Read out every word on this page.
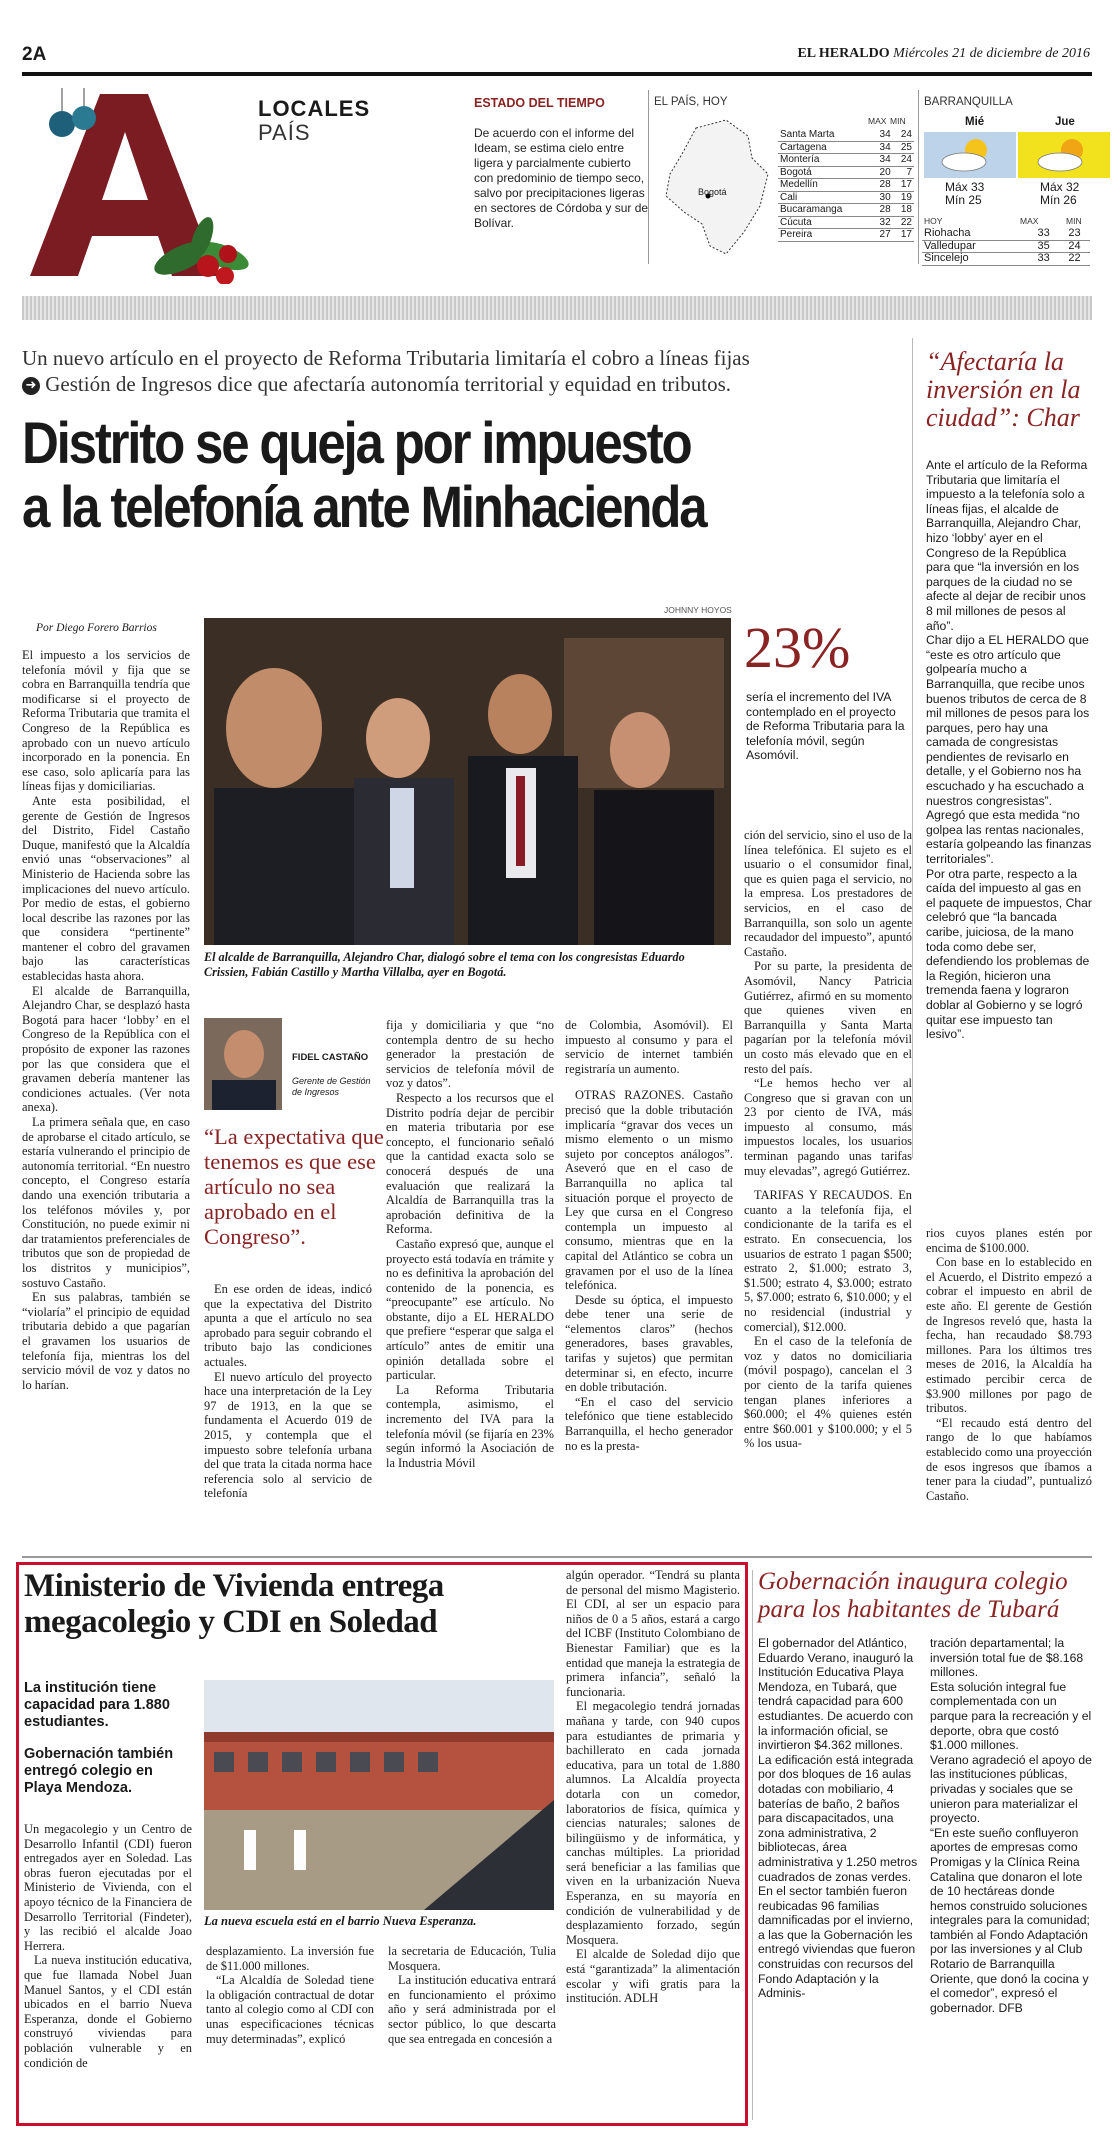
2A	EL HERALDO Miércoles 21 de diciembre de 2016
LOCALES
PAÍS
ESTADO DEL TIEMPO
De acuerdo con el informe del Ideam, se estima cielo entre ligera y parcialmente cubierto con predominio de tiempo seco, salvo por precipitaciones ligeras en sectores de Córdoba y sur de Bolívar.
EL PAÍS, HOY
Bogotá
MAX MIN
Santa Marta	34	24
Cartagena	34	25
Montería	34	24
Bogotá	20	7
Medellín	28	17
Cali	30	19
Bucaramanga	28	18
Cúcuta	32	22
Pereira	27	17
BARRANQUILLA
Mié	Jue
Máx 33
Mín 25
Máx 32
Mín 26
HOY	MAX	MIN
Riohacha	33	23
Valledupar	35	24
Sincelejo	33	22
Un nuevo artículo en el proyecto de Reforma Tributaria limitaría el cobro a líneas fijas
➜ Gestión de Ingresos dice que afectaría autonomía territorial y equidad en tributos.
Distrito se queja por impuesto
a la telefonía ante Minhacienda
“Afectaría la inversión en la ciudad”: Char

Ante el artículo de la Reforma Tributaria que limitaría el impuesto a la telefonía solo a líneas fijas, el alcalde de Barranquilla, Alejandro Char, hizo ‘lobby’ ayer en el Congreso de la República para que “la inversión en los parques de la ciudad no se afecte al dejar de recibir unos 8 mil millones de pesos al año”.

Char dijo a EL HERALDO que “este es otro artículo que golpearía mucho a Barranquilla, que recibe unos buenos tributos de cerca de 8 mil millones de pesos para los parques, pero hay una camada de congresistas pendientes de revisarlo en detalle, y el Gobierno nos ha escuchado y ha escuchado a nuestros congresistas”.

Agregó que esta medida “no golpea las rentas nacionales, estaría golpeando las finanzas territoriales”.

Por otra parte, respecto a la caída del impuesto al gas en el paquete de impuestos, Char celebró que “la bancada caribe, juiciosa, de la mano toda como debe ser, defendiendo los problemas de la Región, hicieron una tremenda faena y lograron doblar al Gobierno y se logró quitar ese impuesto tan lesivo”.

Por Diego Forero Barrios

El impuesto a los servicios de telefonía móvil y fija que se cobra en Barranquilla tendría que modificarse si el proyecto de Reforma Tributaria que tramita el Congreso de la República es aprobado con un nuevo artículo incorporado en la ponencia. En ese caso, solo aplicaría para las líneas fijas y domiciliarias.

Ante esta posibilidad, el gerente de Gestión de Ingresos del Distrito, Fidel Castaño Duque, manifestó que la Alcaldía envió unas “observaciones” al Ministerio de Hacienda sobre las implicaciones del nuevo artículo. Por medio de estas, el gobierno local describe las razones por las que considera “pertinente” mantener el cobro del gravamen bajo las características establecidas hasta ahora.

El alcalde de Barranquilla, Alejandro Char, se desplazó hasta Bogotá para hacer ‘lobby’ en el Congreso de la República con el propósito de exponer las razones por las que considera que el gravamen debería mantener las condiciones actuales. (Ver nota anexa).

La primera señala que, en caso de aprobarse el citado artículo, se estaría vulnerando el principio de autonomía territorial. “En nuestro concepto, el Congreso estaría dando una exención tributaria a los teléfonos móviles y, por Constitución, no puede eximir ni dar tratamientos preferenciales de tributos que son de propiedad de los distritos y municipios”, sostuvo Castaño.

En sus palabras, también se “violaría” el principio de equidad tributaria debido a que pagarían el gravamen los usuarios de telefonía fija, mientras los del servicio móvil de voz y datos no lo harían.

JOHNNY HOYOS
El alcalde de Barranquilla, Alejandro Char, dialogó sobre el tema con los congresistas Eduardo Crissien, Fabián Castillo y Martha Villalba, ayer en Bogotá.
23%
sería el incremento del IVA contemplado en el proyecto de Reforma Tributaria para la telefonía móvil, según Asomóvil.
FIDEL CASTAÑO
Gerente de Gestión de Ingresos
“La expectativa que tenemos es que ese artículo no sea aprobado en el Congreso”.

En ese orden de ideas, indicó que la expectativa del Distrito apunta a que el artículo no sea aprobado para seguir cobrando el tributo bajo las condiciones actuales.

El nuevo artículo del proyecto hace una interpretación de la Ley 97 de 1913, en la que se fundamenta el Acuerdo 019 de 2015, y contempla que el impuesto sobre telefonía urbana del que trata la citada norma hace referencia solo al servicio de telefonía

fija y domiciliaria y que “no contempla dentro de su hecho generador la prestación de servicios de telefonía móvil de voz y datos”.

Respecto a los recursos que el Distrito podría dejar de percibir en materia tributaria por ese concepto, el funcionario señaló que la cantidad exacta solo se conocerá después de una evaluación que realizará la Alcaldía de Barranquilla tras la aprobación definitiva de la Reforma.

Castaño expresó que, aunque el proyecto está todavía en trámite y no es definitiva la aprobación del contenido de la ponencia, es “preocupante” ese artículo. No obstante, dijo a EL HERALDO que prefiere “esperar que salga el artículo” antes de emitir una opinión detallada sobre el particular.

La Reforma Tributaria contempla, asimismo, el incremento del IVA para la telefonía móvil (se fijaría en 23% según informó la Asociación de la Industria Móvil

de Colombia, Asomóvil). El impuesto al consumo y para el servicio de internet también registraría un aumento.

OTRAS RAZONES. Castaño precisó que la doble tributación implicaría “gravar dos veces un mismo elemento o un mismo sujeto por conceptos análogos”. Aseveró que en el caso de Barranquilla no aplica tal situación porque el proyecto de Ley que cursa en el Congreso contempla un impuesto al consumo, mientras que en la capital del Atlántico se cobra un gravamen por el uso de la línea telefónica.

Desde su óptica, el impuesto debe tener una serie de “elementos claros” (hechos generadores, bases gravables, tarifas y sujetos) que permitan determinar si, en efecto, incurre en doble tributación.

“En el caso del servicio telefónico que tiene establecido Barranquilla, el hecho generador no es la presta-

ción del servicio, sino el uso de la línea telefónica. El sujeto es el usuario o el consumidor final, que es quien paga el servicio, no la empresa. Los prestadores de servicios, en el caso de Barranquilla, son solo un agente recaudador del impuesto”, apuntó Castaño.

Por su parte, la presidenta de Asomóvil, Nancy Patricia Gutiérrez, afirmó en su momento que quienes viven en Barranquilla y Santa Marta pagarían por la telefonía móvil un costo más elevado que en el resto del país.

“Le hemos hecho ver al Congreso que si gravan con un 23 por ciento de IVA, más impuesto al consumo, más impuestos locales, los usuarios terminan pagando unas tarifas muy elevadas”, agregó Gutiérrez.

TARIFAS Y RECAUDOS. En cuanto a la telefonía fija, el condicionante de la tarifa es el estrato. En consecuencia, los usuarios de estrato 1 pagan $500; estrato 2, $1.000; estrato 3, $1.500; estrato 4, $3.000; estrato 5, $7.000; estrato 6, $10.000; y el no residencial (industrial y comercial), $12.000.

En el caso de la telefonía de voz y datos no domiciliaria (móvil pospago), cancelan el 3 por ciento de la tarifa quienes tengan planes inferiores a $60.000; el 4% quienes estén entre $60.001 y $100.000; y el 5 % los usua-

rios cuyos planes estén por encima de $100.000.

Con base en lo establecido en el Acuerdo, el Distrito empezó a cobrar el impuesto en abril de este año. El gerente de Gestión de Ingresos reveló que, hasta la fecha, han recaudado $8.793 millones. Para los últimos tres meses de 2016, la Alcaldía ha estimado percibir cerca de $3.900 millones por pago de tributos.

“El recaudo está dentro del rango de lo que habíamos establecido como una proyección de esos ingresos que íbamos a tener para la ciudad”, puntualizó Castaño.

Ministerio de Vivienda entrega megacolegio y CDI en Soledad
La institución tiene capacidad para 1.880 estudiantes.
Gobernación también entregó colegio en Playa Mendoza.
La nueva escuela está en el barrio Nueva Esperanza.

Un megacolegio y un Centro de Desarrollo Infantil (CDI) fueron entregados ayer en Soledad. Las obras fueron ejecutadas por el Ministerio de Vivienda, con el apoyo técnico de la Financiera de Desarrollo Territorial (Findeter), y las recibió el alcalde Joao Herrera.

La nueva institución educativa, que fue llamada Nobel Juan Manuel Santos, y el CDI están ubicados en el barrio Nueva Esperanza, donde el Gobierno construyó viviendas para población vulnerable y en condición de

desplazamiento. La inversión fue de $11.000 millones.

“La Alcaldía de Soledad tiene la obligación contractual de dotar tanto al colegio como al CDI con unas especificaciones técnicas muy determinadas”, explicó

la secretaria de Educación, Tulia Mosquera.

La institución educativa entrará en funcionamiento el próximo año y será administrada por el sector público, lo que descarta que sea entregada en concesión a

algún operador. “Tendrá su planta de personal del mismo Magisterio. El CDI, al ser un espacio para niños de 0 a 5 años, estará a cargo del ICBF (Instituto Colombiano de Bienestar Familiar) que es la entidad que maneja la estrategia de primera infancia”, señaló la funcionaria.

El megacolegio tendrá jornadas mañana y tarde, con 940 cupos para estudiantes de primaria y bachillerato en cada jornada educativa, para un total de 1.880 alumnos. La Alcaldía proyecta dotarla con un comedor, laboratorios de física, química y ciencias naturales; salones de bilingüismo y de informática, y canchas múltiples. La prioridad será beneficiar a las familias que viven en la urbanización Nueva Esperanza, en su mayoría en condición de vulnerabilidad y de desplazamiento forzado, según Mosquera.

El alcalde de Soledad dijo que está “garantizada” la alimentación escolar y wifi gratis para la institución. ADLH

Gobernación inaugura colegio para los habitantes de Tubará

El gobernador del Atlántico, Eduardo Verano, inauguró la Institución Educativa Playa Mendoza, en Tubará, que tendrá capacidad para 600 estudiantes. De acuerdo con la información oficial, se invirtieron $4.362 millones.

La edificación está integrada por dos bloques de 16 aulas dotadas con mobiliario, 4 baterías de baño, 2 baños para discapacitados, una zona administrativa, 2 bibliotecas, área administrativa y 1.250 metros cuadrados de zonas verdes.

En el sector también fueron reubicadas 96 familias damnificadas por el invierno, a las que la Gobernación les entregó viviendas que fueron construidas con recursos del Fondo Adaptación y la Adminis-

tración departamental; la inversión total fue de $8.168 millones.

Esta solución integral fue complementada con un parque para la recreación y el deporte, obra que costó $1.000 millones.

Verano agradeció el apoyo de las instituciones públicas, privadas y sociales que se unieron para materializar el proyecto.

“En este sueño confluyeron aportes de empresas como Promigas y la Clínica Reina Catalina que donaron el lote de 10 hectáreas donde hemos construido soluciones integrales para la comunidad; también al Fondo Adaptación por las inversiones y al Club Rotario de Barranquilla Oriente, que donó la cocina y el comedor”, expresó el gobernador. DFB
